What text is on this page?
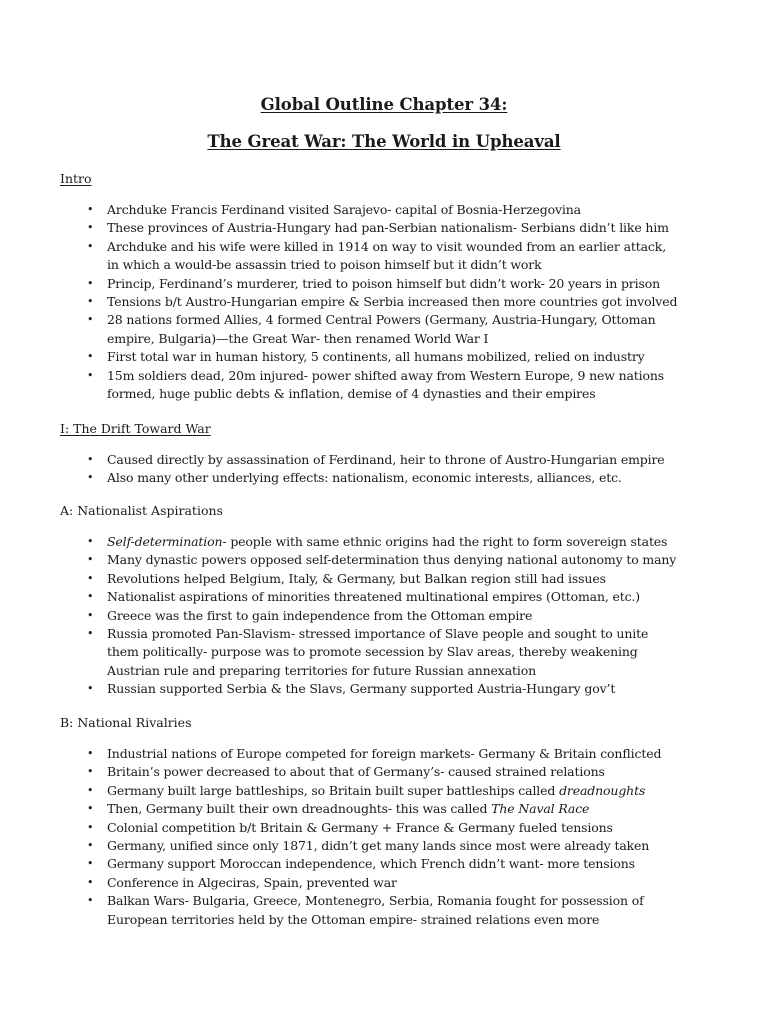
Global Outline Chapter 34:
The Great War: The World in Upheaval

Intro

• Archduke Francis Ferdinand visited Sarajevo- capital of Bosnia-Herzegovina
• These provinces of Austria-Hungary had pan-Serbian nationalism- Serbians didn’t like him
• Archduke and his wife were killed in 1914 on way to visit wounded from an earlier attack,
in which a would-be assassin tried to poison himself but it didn’t work
• Princip, Ferdinand’s murderer, tried to poison himself but didn’t work- 20 years in prison
• Tensions b/t Austro-Hungarian empire & Serbia increased then more countries got involved
• 28 nations formed Allies, 4 formed Central Powers (Germany, Austria-Hungary, Ottoman
empire, Bulgaria)—the Great War- then renamed World War I
• First total war in human history, 5 continents, all humans mobilized, relied on industry
• 15m soldiers dead, 20m injured- power shifted away from Western Europe, 9 new nations
formed, huge public debts & inflation, demise of 4 dynasties and their empires

I: The Drift Toward War

• Caused directly by assassination of Ferdinand, heir to throne of Austro-Hungarian empire
• Also many other underlying effects: nationalism, economic interests, alliances, etc.

A: Nationalist Aspirations

• Self-determination- people with same ethnic origins had the right to form sovereign states
• Many dynastic powers opposed self-determination thus denying national autonomy to many
• Revolutions helped Belgium, Italy, & Germany, but Balkan region still had issues
• Nationalist aspirations of minorities threatened multinational empires (Ottoman, etc.)
• Greece was the first to gain independence from the Ottoman empire
• Russia promoted Pan-Slavism- stressed importance of Slave people and sought to unite
them politically- purpose was to promote secession by Slav areas, thereby weakening
Austrian rule and preparing territories for future Russian annexation
• Russian supported Serbia & the Slavs, Germany supported Austria-Hungary gov’t

B: National Rivalries

• Industrial nations of Europe competed for foreign markets- Germany & Britain conflicted
• Britain’s power decreased to about that of Germany’s- caused strained relations
• Germany built large battleships, so Britain built super battleships called dreadnoughts
• Then, Germany built their own dreadnoughts- this was called The Naval Race
• Colonial competition b/t Britain & Germany + France & Germany fueled tensions
• Germany, unified since only 1871, didn’t get many lands since most were already taken
• Germany support Moroccan independence, which French didn’t want- more tensions
• Conference in Algeciras, Spain, prevented war
• Balkan Wars- Bulgaria, Greece, Montenegro, Serbia, Romania fought for possession of
European territories held by the Ottoman empire- strained relations even more
